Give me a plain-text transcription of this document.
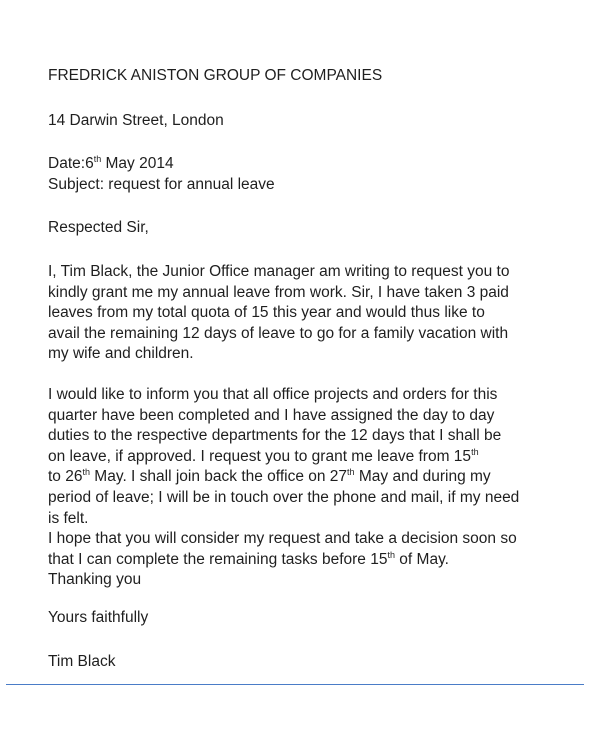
FREDRICK ANISTON GROUP OF COMPANIES
14 Darwin Street, London
Date:6th May 2014
Subject: request for annual leave
Respected Sir,
I, Tim Black, the Junior Office manager am writing to request you to
kindly grant me my annual leave from work. Sir, I have taken 3 paid
leaves from my total quota of 15 this year and would thus like to
avail the remaining 12 days of leave to go for a family vacation with
my wife and children.
I would like to inform you that all office projects and orders for this
quarter have been completed and I have assigned the day to day
duties to the respective departments for the 12 days that I shall be
on leave, if approved. I request you to grant me leave from 15th
to 26th May. I shall join back the office on 27th May and during my
period of leave; I will be in touch over the phone and mail, if my need
is felt.
I hope that you will consider my request and take a decision soon so
that I can complete the remaining tasks before 15th of May.
Thanking you
Yours faithfully
Tim Black
